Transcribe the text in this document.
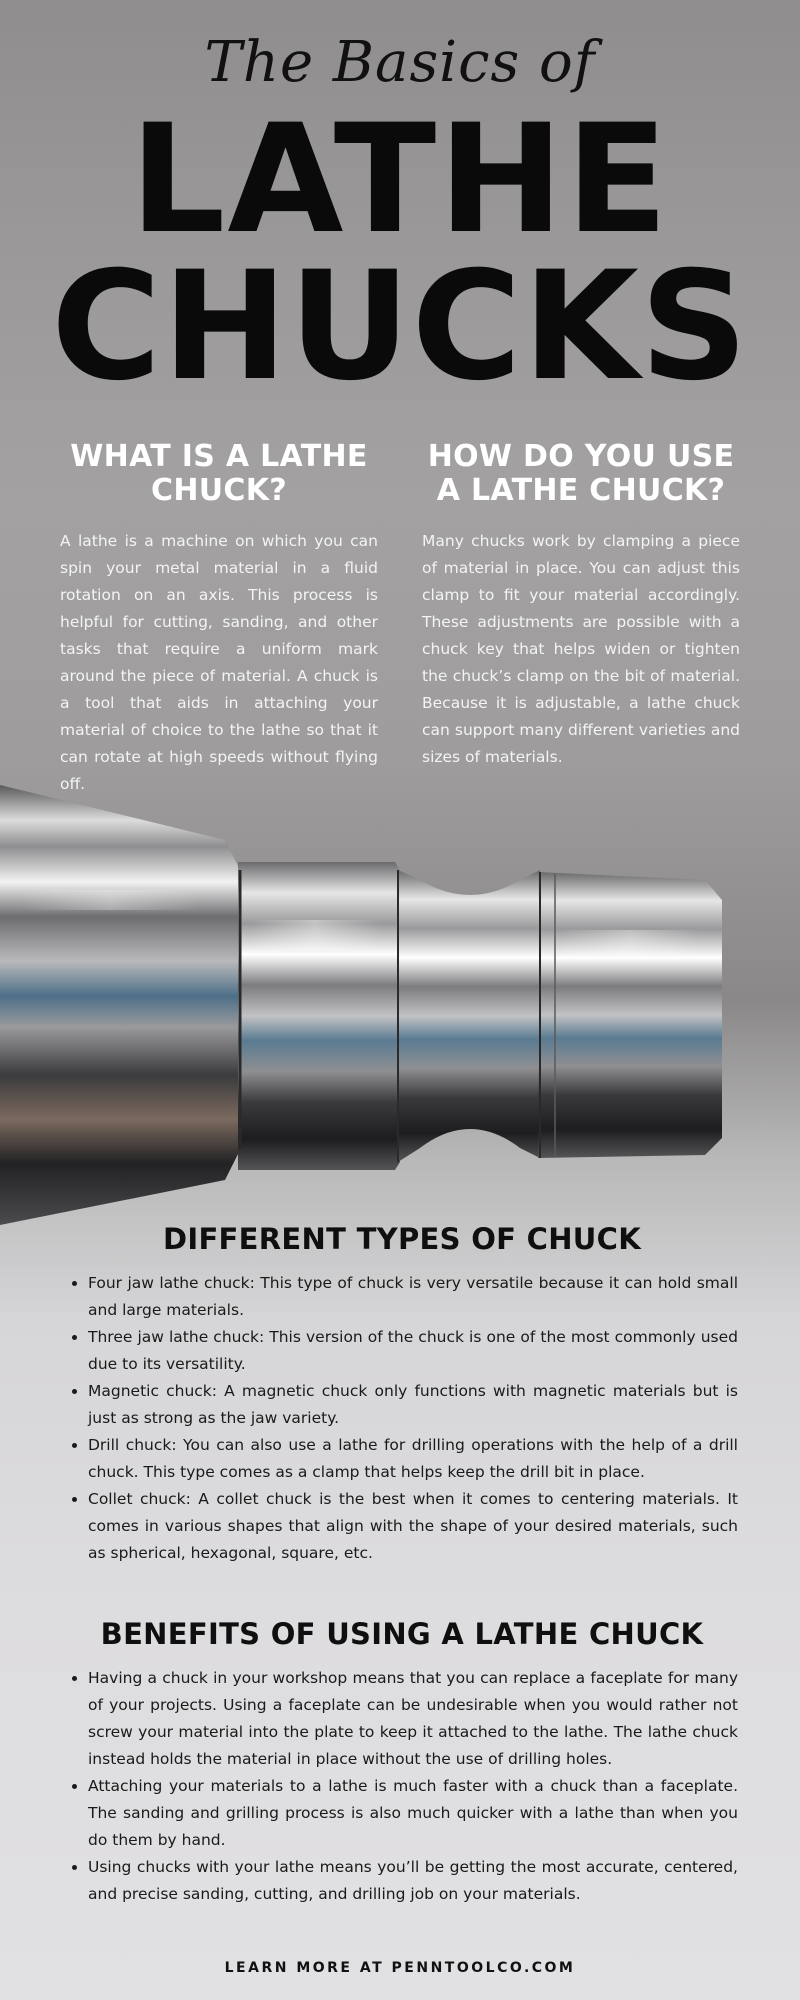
The Basics of
LATHE
CHUCKS
WHAT IS A LATHE CHUCK?

A lathe is a machine on which you can spin your metal material in a fluid rotation on an axis. This process is helpful for cutting, sanding, and other tasks that require a uniform mark around the piece of material. A chuck is a tool that aids in attaching your material of choice to the lathe so that it can rotate at high speeds without flying off.

HOW DO YOU USE A LATHE CHUCK?

Many chucks work by clamping a piece of material in place. You can adjust this clamp to fit your material accordingly. These adjustments are possible with a chuck key that helps widen or tighten the chuck’s clamp on the bit of material. Because it is adjustable, a lathe chuck can support many different varieties and sizes of materials.

DIFFERENT TYPES OF CHUCK
• Four jaw lathe chuck: This type of chuck is very versatile because it can hold small and large materials.
• Three jaw lathe chuck: This version of the chuck is one of the most commonly used due to its versatility.
• Magnetic chuck: A magnetic chuck only functions with magnetic materials but is just as strong as the jaw variety.
• Drill chuck: You can also use a lathe for drilling operations with the help of a drill chuck. This type comes as a clamp that helps keep the drill bit in place.
• Collet chuck: A collet chuck is the best when it comes to centering materials. It comes in various shapes that align with the shape of your desired materials, such as spherical, hexagonal, square, etc.
BENEFITS OF USING A LATHE CHUCK
• Having a chuck in your workshop means that you can replace a faceplate for many of your projects. Using a faceplate can be undesirable when you would rather not screw your material into the plate to keep it attached to the lathe. The lathe chuck instead holds the material in place without the use of drilling holes.
• Attaching your materials to a lathe is much faster with a chuck than a faceplate. The sanding and grilling process is also much quicker with a lathe than when you do them by hand.
• Using chucks with your lathe means you’ll be getting the most accurate, centered, and precise sanding, cutting, and drilling job on your materials.
LEARN MORE AT PENNTOOLCO.COM
